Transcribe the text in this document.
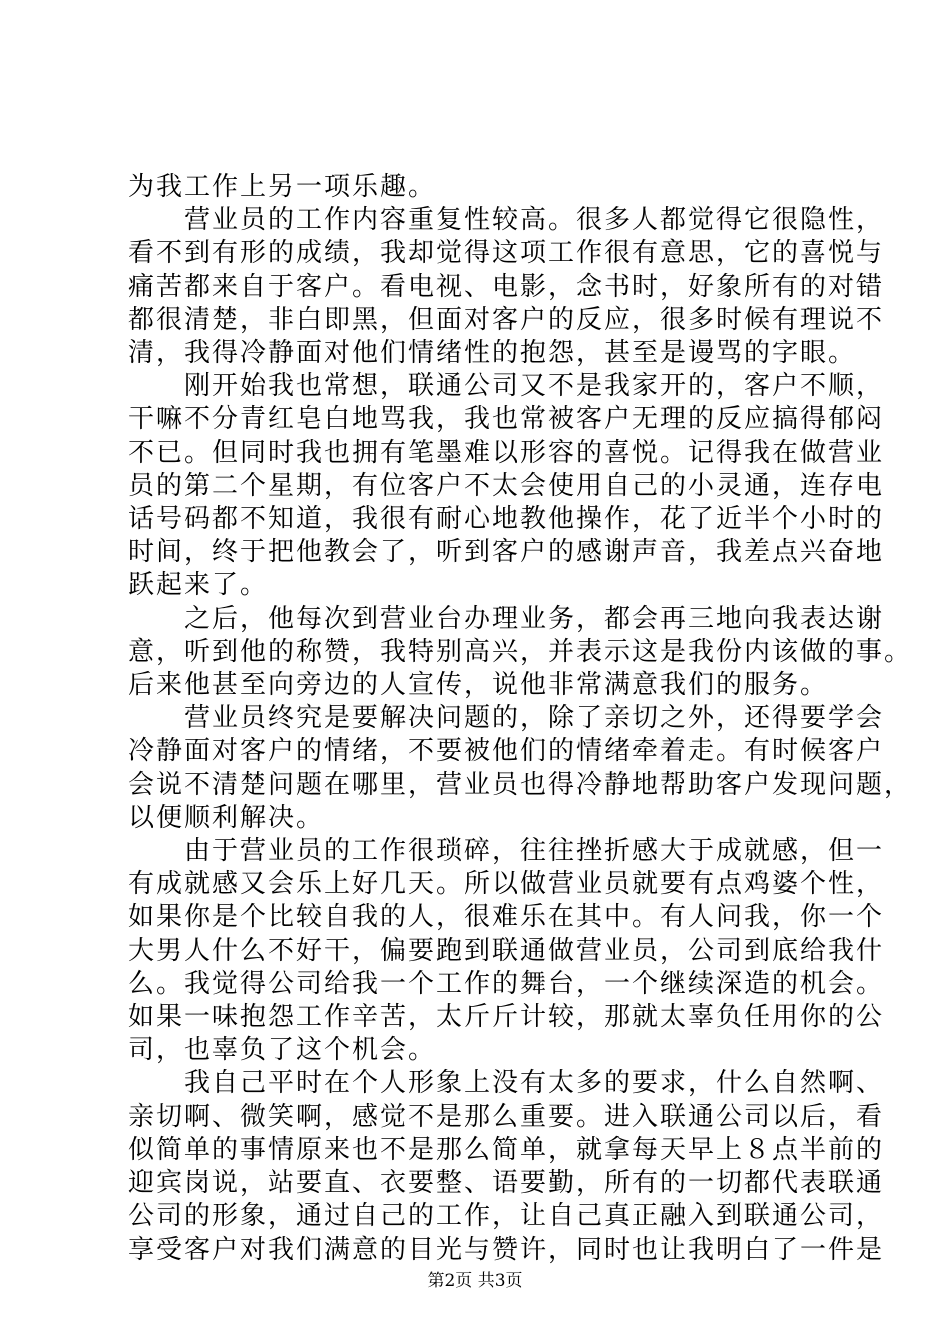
为我工作上另一项乐趣。

营业员的工作内容重复性较高。很多人都觉得它很隐性，
看不到有形的成绩，我却觉得这项工作很有意思，它的喜悦与
痛苦都来自于客户。看电视、电影，念书时，好象所有的对错
都很清楚，非白即黑，但面对客户的反应，很多时候有理说不
清，我得冷静面对他们情绪性的抱怨，甚至是谩骂的字眼。

刚开始我也常想，联通公司又不是我家开的，客户不顺，
干嘛不分青红皂白地骂我，我也常被客户无理的反应搞得郁闷
不已。但同时我也拥有笔墨难以形容的喜悦。记得我在做营业
员的第二个星期，有位客户不太会使用自己的小灵通，连存电
话号码都不知道，我很有耐心地教他操作，花了近半个小时的
时间，终于把他教会了，听到客户的感谢声音，我差点兴奋地
跃起来了。

之后，他每次到营业台办理业务，都会再三地向我表达谢
意，听到他的称赞，我特别高兴，并表示这是我份内该做的事。
后来他甚至向旁边的人宣传，说他非常满意我们的服务。

营业员终究是要解决问题的，除了亲切之外，还得要学会
冷静面对客户的情绪，不要被他们的情绪牵着走。有时候客户
会说不清楚问题在哪里，营业员也得冷静地帮助客户发现问题，
以便顺利解决。

由于营业员的工作很琐碎，往往挫折感大于成就感，但一
有成就感又会乐上好几天。所以做营业员就要有点鸡婆个性，
如果你是个比较自我的人，很难乐在其中。有人问我，你一个
大男人什么不好干，偏要跑到联通做营业员，公司到底给我什
么。我觉得公司给我一个工作的舞台，一个继续深造的机会。
如果一味抱怨工作辛苦，太斤斤计较，那就太辜负任用你的公
司，也辜负了这个机会。

我自己平时在个人形象上没有太多的要求，什么自然啊、
亲切啊、微笑啊，感觉不是那么重要。进入联通公司以后，看
似简单的事情原来也不是那么简单，就拿每天早上８点半前的
迎宾岗说，站要直、衣要整、语要勤，所有的一切都代表联通
公司的形象，通过自己的工作，让自己真正融入到联通公司，
享受客户对我们满意的目光与赞许，同时也让我明白了一件是

第2页 共3页
